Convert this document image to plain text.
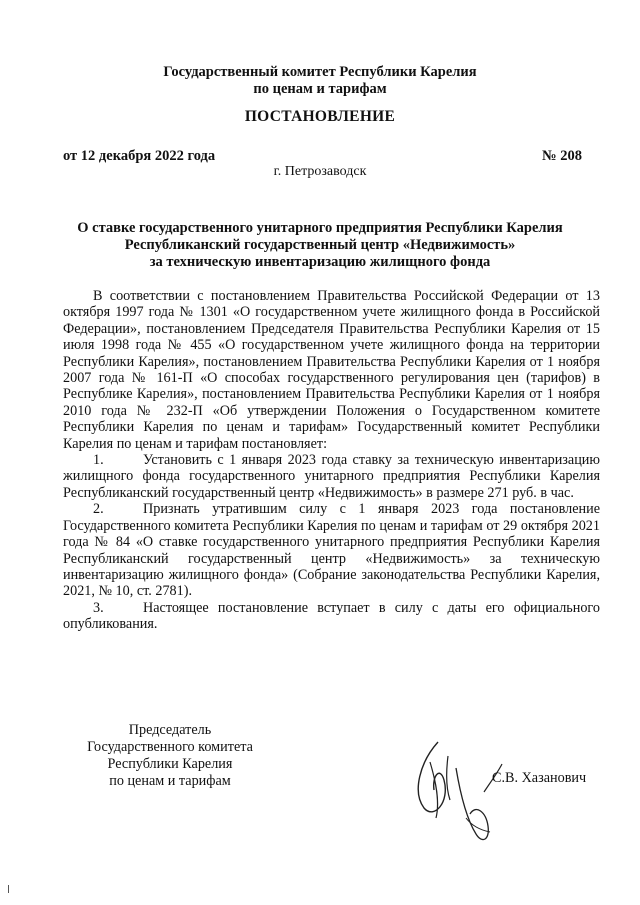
Государственный комитет Республики Карелия
по ценам и тарифам
ПОСТАНОВЛЕНИЕ
от 12 декабря 2022 года	№ 208
г. Петрозаводск
О ставке государственного унитарного предприятия Республики Карелия
Республиканский государственный центр «Недвижимость»
за техническую инвентаризацию жилищного фонда

В соответствии с постановлением Правительства Российской Федерации от 13 октября 1997 года № 1301 «О государственном учете жилищного фонда в Российской Федерации», постановлением Председателя Правительства Республики Карелия от 15 июля 1998 года № 455 «О государственном учете жилищного фонда на территории Республики Карелия», постановлением Правительства Республики Карелия от 1 ноября 2007 года № 161-П «О способах государственного регулирования цен (тарифов) в Республике Карелия», постановлением Правительства Республики Карелия от 1 ноября 2010 года № 232-П «Об утверждении Положения о Государственном комитете Республики Карелия по ценам и тарифам» Государственный комитет Республики Карелия по ценам и тарифам постановляет:

1.	Установить с 1 января 2023 года ставку за техническую инвентаризацию жилищного фонда государственного унитарного предприятия Республики Карелия Республиканский государственный центр «Недвижимость» в размере 271 руб. в час.

2.	Признать утратившим силу с 1 января 2023 года постановление Государственного комитета Республики Карелия по ценам и тарифам от 29 октября 2021 года № 84 «О ставке государственного унитарного предприятия Республики Карелия Республиканский государственный центр «Недвижимость» за техническую инвентаризацию жилищного фонда» (Собрание законодательства Республики Карелия, 2021, № 10, ст. 2781).

3.	Настоящее постановление вступает в силу с даты его официального опубликования.

Председатель
Государственного комитета
Республики Карелия
по ценам и тарифам	С.В. Хазанович
